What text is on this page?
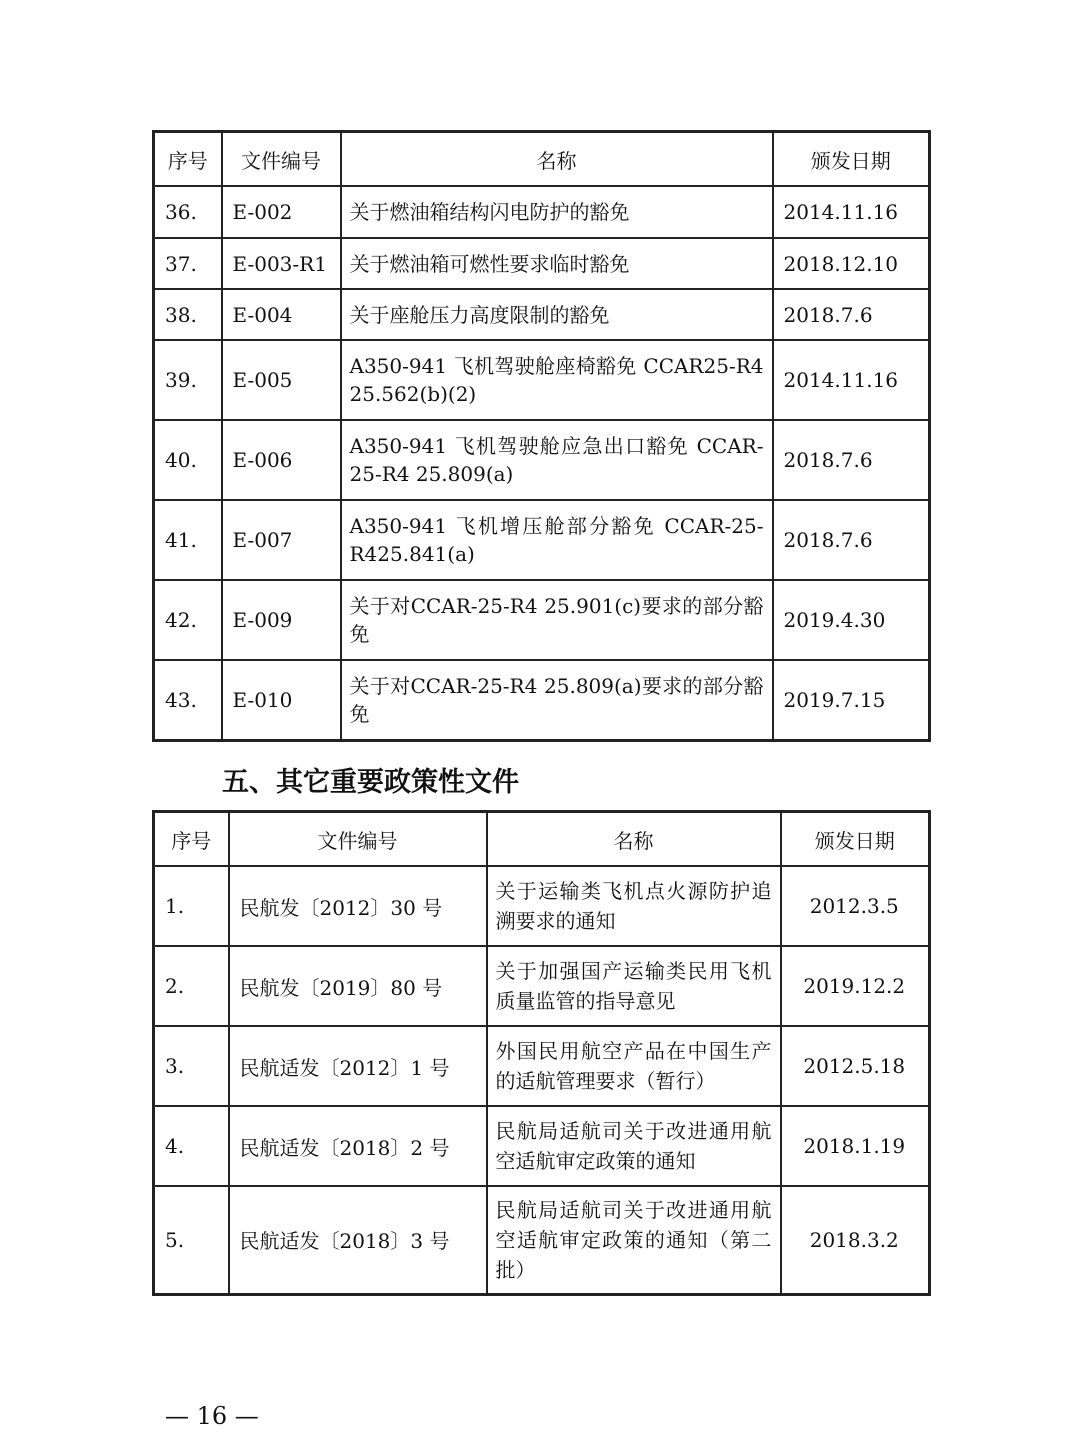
序号	文件编号	名称	颁发日期
36.	E-002	关于燃油箱结构闪电防护的豁免	2014.11.16
37.	E-003-R1	关于燃油箱可燃性要求临时豁免	2018.12.10
38.	E-004	关于座舱压力高度限制的豁免	2018.7.6
39.	E-005	A350-941 飞机驾驶舱座椅豁免 CCAR25-R4 25.562(b)(2)	2014.11.16
40.	E-006	A350-941 飞机驾驶舱应急出口豁免 CCAR-25-R4 25.809(a)	2018.7.6
41.	E-007	A350-941 飞机增压舱部分豁免 CCAR-25-R425.841(a)	2018.7.6
42.	E-009	关于对CCAR-25-R4 25.901(c)要求的部分豁免	2019.4.30
43.	E-010	关于对CCAR-25-R4 25.809(a)要求的部分豁免	2019.7.15
五、其它重要政策性文件
序号	文件编号	名称	颁发日期
1.	民航发〔2012〕30 号	关于运输类飞机点火源防护追溯要求的通知	2012.3.5
2.	民航发〔2019〕80 号	关于加强国产运输类民用飞机质量监管的指导意见	2019.12.2
3.	民航适发〔2012〕1 号	外国民用航空产品在中国生产的适航管理要求（暂行）	2012.5.18
4.	民航适发〔2018〕2 号	民航局适航司关于改进通用航空适航审定政策的通知	2018.1.19
5.	民航适发〔2018〕3 号	民航局适航司关于改进通用航空适航审定政策的通知（第二批）	2018.3.2
— 16 —
